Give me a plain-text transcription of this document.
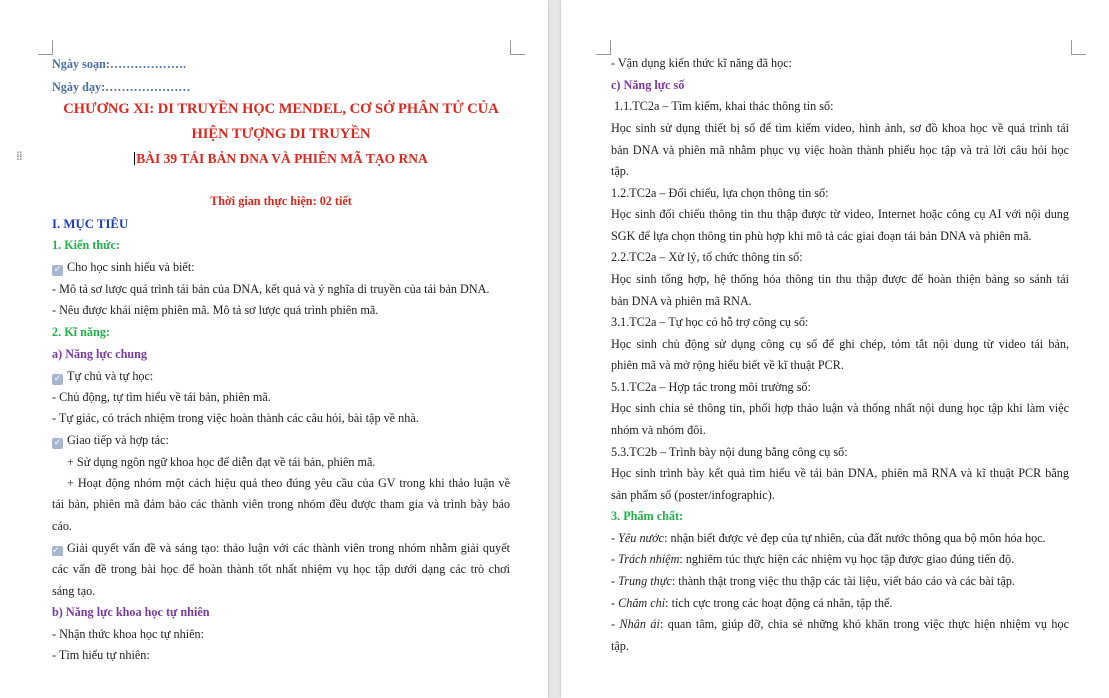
Ngày soạn:……………….
Ngày dạy:…………………
CHƯƠNG XI: DI TRUYỀN HỌC MENDEL, CƠ SỞ PHÂN TỬ CỦA
HIỆN TƯỢNG DI TRUYỀN
BÀI 39 TÁI BẢN DNA VÀ PHIÊN MÃ TẠO RNA
Thời gian thực hiện: 02 tiết
I. MỤC TIÊU
1. Kiến thức:
✓ Cho học sinh hiểu và biết:
- Mô tả sơ lược quá trình tái bản của DNA, kết quả và ý nghĩa di truyền của tái bản DNA.
- Nêu được khái niệm phiên mã. Mô tả sơ lược quá trình phiên mã.
2. Kĩ năng:
a) Năng lực chung
✓ Tự chủ và tự học:
- Chủ động, tự tìm hiểu về tái bản, phiên mã.
- Tự giác, có trách nhiệm trong việc hoàn thành các câu hỏi, bài tập về nhà.
✓ Giao tiếp và hợp tác:
+ Sử dụng ngôn ngữ khoa học để diễn đạt về tái bản, phiên mã.
+ Hoạt động nhóm một cách hiệu quả theo đúng yêu cầu của GV trong khi thảo luận về
tái bản, phiên mã đảm bảo các thành viên trong nhóm đều được tham gia và trình bày báo
cáo.
✓ Giải quyết vấn đề và sáng tạo: thảo luận với các thành viên trong nhóm nhằm giải quyết
các vấn đề trong bài học để hoàn thành tốt nhất nhiệm vụ học tập dưới dạng các trò chơi
sáng tạo.
b) Năng lực khoa học tự nhiên
- Nhận thức khoa học tự nhiên:
- Tìm hiểu tự nhiên:
⁞⁞
- Vận dụng kiến thức kĩ năng đã học:
c) Năng lực số
1.1.TC2a – Tìm kiếm, khai thác thông tin số:
Học sinh sử dụng thiết bị số để tìm kiếm video, hình ảnh, sơ đồ khoa học về quá trình tái
bản DNA và phiên mã nhằm phục vụ việc hoàn thành phiếu học tập và trả lời câu hỏi học
tập.
1.2.TC2a – Đối chiếu, lựa chọn thông tin số:
Học sinh đối chiếu thông tin thu thập được từ video, Internet hoặc công cụ AI với nội dung
SGK để lựa chọn thông tin phù hợp khi mô tả các giai đoạn tái bản DNA và phiên mã.
2.2.TC2a – Xử lý, tổ chức thông tin số:
Học sinh tổng hợp, hệ thống hóa thông tin thu thập được để hoàn thiện bảng so sánh tái
bản DNA và phiên mã RNA.
3.1.TC2a – Tự học có hỗ trợ công cụ số:
Học sinh chủ động sử dụng công cụ số để ghi chép, tóm tắt nội dung từ video tái bản,
phiên mã và mở rộng hiểu biết về kĩ thuật PCR.
5.1.TC2a – Hợp tác trong môi trường số:
Học sinh chia sẻ thông tin, phối hợp thảo luận và thống nhất nội dung học tập khi làm việc
nhóm và nhóm đôi.
5.3.TC2b – Trình bày nội dung bằng công cụ số:
Học sinh trình bày kết quả tìm hiểu về tái bản DNA, phiên mã RNA và kĩ thuật PCR bằng
sản phẩm số (poster/infographic).
3. Phẩm chất:
- Yêu nước: nhận biết được vẻ đẹp của tự nhiên, của đất nước thông qua bộ môn hóa học.
- Trách nhiệm: nghiêm túc thực hiện các nhiệm vụ học tập được giao đúng tiến độ.
- Trung thực: thành thật trong việc thu thập các tài liệu, viết báo cáo và các bài tập.
- Chăm chỉ: tích cực trong các hoạt động cá nhân, tập thể.
- Nhân ái: quan tâm, giúp đỡ, chia sẻ những khó khăn trong việc thực hiện nhiệm vụ học
tập.
